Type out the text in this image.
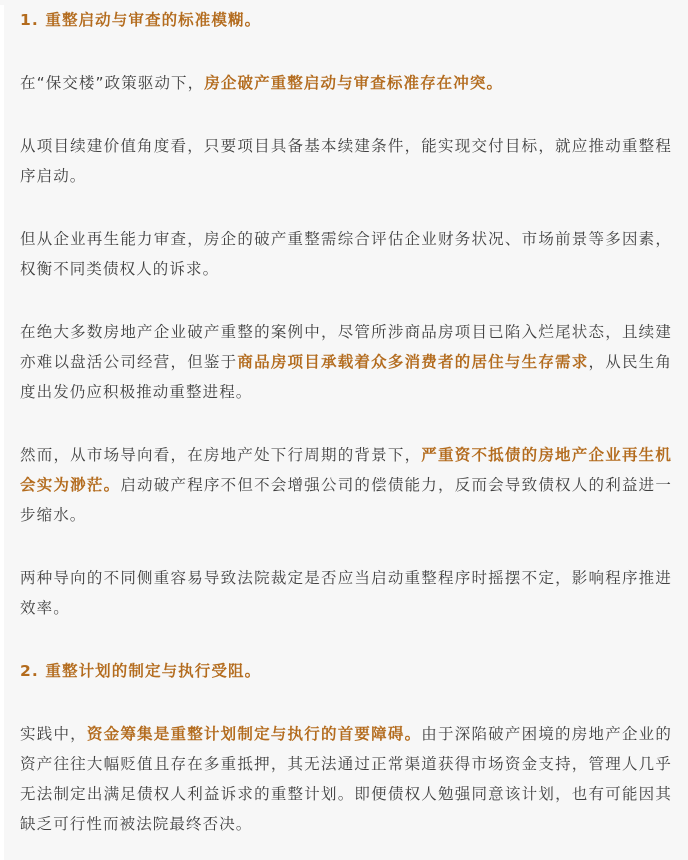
1. 重整启动与审查的标准模糊。

在“保交楼”政策驱动下，房企破产重整启动与审查标准存在冲突。

从项目续建价值角度看，只要项目具备基本续建条件，能实现交付目标，就应推动重整程序启动。

但从企业再生能力审查，房企的破产重整需综合评估企业财务状况、市场前景等多因素，权衡不同类债权人的诉求。

在绝大多数房地产企业破产重整的案例中，尽管所涉商品房项目已陷入烂尾状态，且续建亦难以盘活公司经营，但鉴于商品房项目承载着众多消费者的居住与生存需求，从民生角度出发仍应积极推动重整进程。

然而，从市场导向看，在房地产处下行周期的背景下，严重资不抵债的房地产企业再生机会实为渺茫。启动破产程序不但不会增强公司的偿债能力，反而会导致债权人的利益进一步缩水。

两种导向的不同侧重容易导致法院裁定是否应当启动重整程序时摇摆不定，影响程序推进效率。

2. 重整计划的制定与执行受阻。

实践中，资金筹集是重整计划制定与执行的首要障碍。由于深陷破产困境的房地产企业的资产往往大幅贬值且存在多重抵押，其无法通过正常渠道获得市场资金支持，管理人几乎无法制定出满足债权人利益诉求的重整计划。即便债权人勉强同意该计划，也有可能因其缺乏可行性而被法院最终否决。
